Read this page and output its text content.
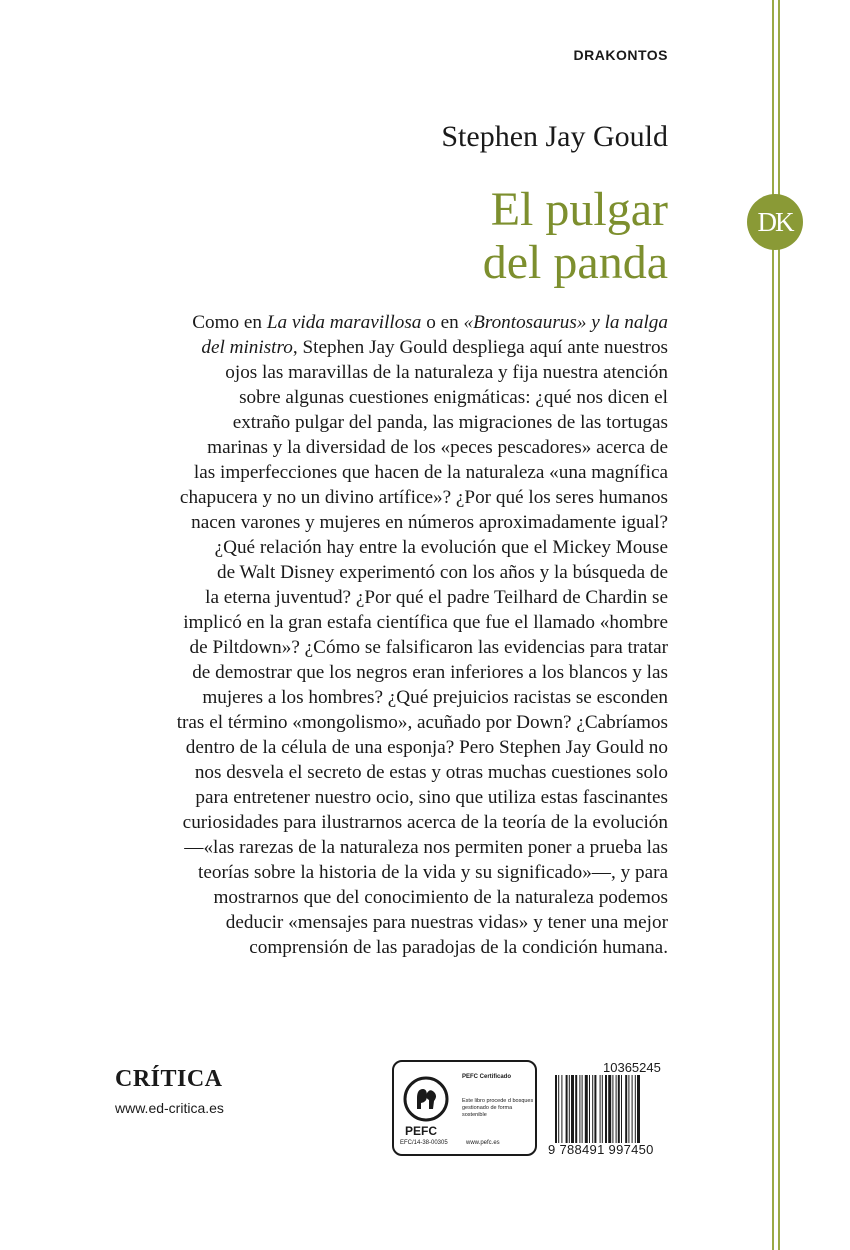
DRAKONTOS
Stephen Jay Gould
El pulgar
del panda
DK
Como en La vida maravillosa o en «Brontosaurus» y la nalga
del ministro, Stephen Jay Gould despliega aquí ante nuestros
ojos las maravillas de la naturaleza y fija nuestra atención
sobre algunas cuestiones enigmáticas: ¿qué nos dicen el
extraño pulgar del panda, las migraciones de las tortugas
marinas y la diversidad de los «peces pescadores» acerca de
las imperfecciones que hacen de la naturaleza «una magnífica
chapucera y no un divino artífice»? ¿Por qué los seres humanos
nacen varones y mujeres en números aproximadamente igual?
¿Qué relación hay entre la evolución que el Mickey Mouse
de Walt Disney experimentó con los años y la búsqueda de
la eterna juventud? ¿Por qué el padre Teilhard de Chardin se
implicó en la gran estafa científica que fue el llamado «hombre
de Piltdown»? ¿Cómo se falsificaron las evidencias para tratar
de demostrar que los negros eran inferiores a los blancos y las
mujeres a los hombres? ¿Qué prejuicios racistas se esconden
tras el término «mongolismo», acuñado por Down? ¿Cabríamos
dentro de la célula de una esponja? Pero Stephen Jay Gould no
nos desvela el secreto de estas y otras muchas cuestiones solo
para entretener nuestro ocio, sino que utiliza estas fascinantes
curiosidades para ilustrarnos acerca de la teoría de la evolución
—«las rarezas de la naturaleza nos permiten poner a prueba las
teorías sobre la historia de la vida y su significado»—, y para
mostrarnos que del conocimiento de la naturaleza podemos
deducir «mensajes para nuestras vidas» y tener una mejor
comprensión de las paradojas de la condición humana.
CRÍTICA
www.ed-critica.es
PEFC
EFC/14-38-00305
PEFC Certificado
Este libro procede d bosques gestionado de forma sostenible
www.pefc.es
10365245
9 788491 997450
